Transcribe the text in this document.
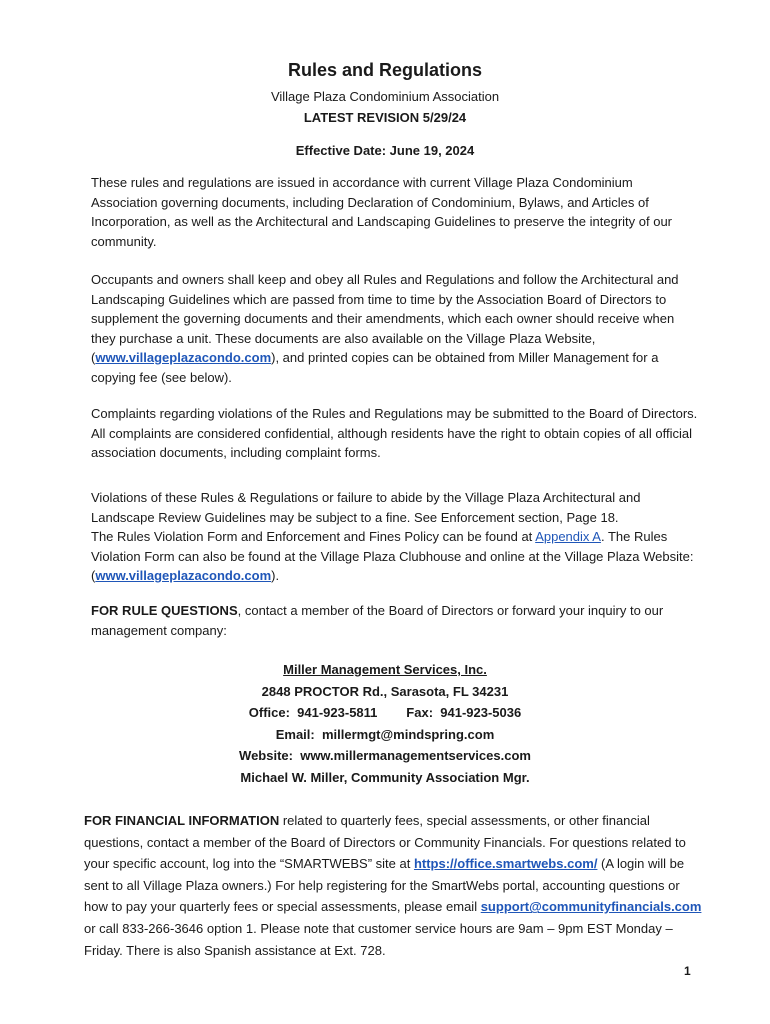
Rules and Regulations
Village Plaza Condominium Association
LATEST REVISION 5/29/24
Effective Date: June 19, 2024
These rules and regulations are issued in accordance with current Village Plaza Condominium Association governing documents, including Declaration of Condominium, Bylaws, and Articles of Incorporation, as well as the Architectural and Landscaping Guidelines to preserve the integrity of our community.
Occupants and owners shall keep and obey all Rules and Regulations and follow the Architectural and Landscaping Guidelines which are passed from time to time by the Association Board of Directors to supplement the governing documents and their amendments, which each owner should receive when they purchase a unit. These documents are also available on the Village Plaza Website, (www.villageplazacondo.com), and printed copies can be obtained from Miller Management for a copying fee (see below).
Complaints regarding violations of the Rules and Regulations may be submitted to the Board of Directors. All complaints are considered confidential, although residents have the right to obtain copies of all official association documents, including complaint forms.
Violations of these Rules & Regulations or failure to abide by the Village Plaza Architectural and Landscape Review Guidelines may be subject to a fine. See Enforcement section, Page 18.
The Rules Violation Form and Enforcement and Fines Policy can be found at Appendix A. The Rules Violation Form can also be found at the Village Plaza Clubhouse and online at the Village Plaza Website: (www.villageplazacondo.com).
FOR RULE QUESTIONS, contact a member of the Board of Directors or forward your inquiry to our management company:
Miller Management Services, Inc.
2848 PROCTOR Rd., Sarasota, FL 34231
Office:  941-923-5811        Fax:  941-923-5036
Email:  millermgt@mindspring.com
Website:  www.millermanagementservices.com
Michael W. Miller, Community Association Mgr.
FOR FINANCIAL INFORMATION related to quarterly fees, special assessments, or other financial questions, contact a member of the Board of Directors or Community Financials. For questions related to your specific account, log into the “SMARTWEBS” site at https://office.smartwebs.com/ (A login will be sent to all Village Plaza owners.) For help registering for the SmartWebs portal, accounting questions or how to pay your quarterly fees or special assessments, please email support@communityfinancials.com or call 833-266-3646 option 1. Please note that customer service hours are 9am – 9pm EST Monday – Friday. There is also Spanish assistance at Ext. 728.
1
